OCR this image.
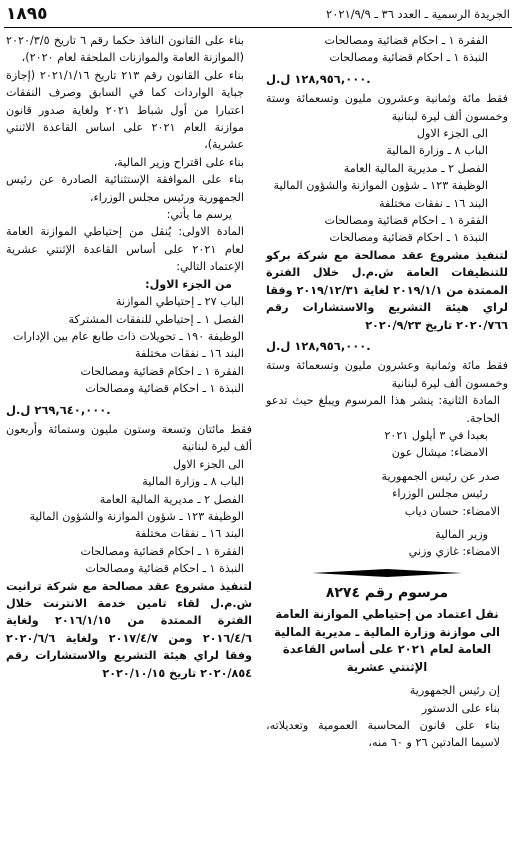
١٨٩٥	الجريدة الرسمية ـ العدد ٣٦ ـ ٢٠٢١/٩/٩

الفقرة ١ ـ احكام قضائية ومصالحات

النبذة ١ ـ احكام قضائية ومصالحات

١٢٨,٩٥٦,٠٠٠ ل.ل.

فقط مائة وثمانية وعشرون مليون وتسعمائة وستة وخمسون ألف ليرة لبنانية

الى الجزء الاول

الباب ٨ ـ وزارة المالية

الفصل ٢ ـ مديرية المالية العامة

الوظيفة ١٢٣ ـ شؤون الموازنة والشؤون المالية

البند ١٦ ـ نفقات مختلفة

الفقرة ١ ـ احكام قضائية ومصالحات

النبذة ١ ـ احكام قضائية ومصالحات

لتنفيذ مشروع عقد مصالحة مع شركة بركو للتنظيفات العامة ش.م.ل خلال الفترة الممتدة من ٢٠١٩/١/١ لغاية ٢٠١٩/١٢/٣١ وفقا لراي هيئة التشريع والاستشارات رقم ٢٠٢٠/٧٦٦ تاريخ ٢٠٢٠/٩/٢٣

١٢٨,٩٥٦,٠٠٠ ل.ل.

فقط مائة وثمانية وعشرون مليون وتسعمائة وستة وخمسون ألف ليرة لبنانية

المادة الثانية: ينشر هذا المرسوم ويبلغ حيث تدعو الحاجة.

بعبدا في ٣ أيلول ٢٠٢١

الامضاء: ميشال عون

صدر عن رئيس الجمهورية

رئيس مجلس الوزراء

الامضاء: حسان دياب

وزير المالية

الامضاء: غازي وزني

مرسوم رقم ٨٢٧٤
نقل اعتماد من إحتياطي الموازنة العامة الى موازنة وزارة المالية ـ مديرية المالية العامة لعام ٢٠٢١ على أساس القاعدة الإثنتي عشرية

إن رئيس الجمهورية

بناء على الدستور

بناء على قانون المحاسبة العمومية وتعديلاته، لاسيما المادتين ٢٦ و ٦٠ منه،

بناء على القانون النافذ حكما رقم ٦ تاريخ ٢٠٢٠/٣/٥ (الموازنة العامة والموازنات الملحقة لعام ٢٠٢٠)،

بناء على القانون رقم ٢١٣ تاريخ ٢٠٢١/١/١٦ (إجازة جباية الواردات كما في السابق وصرف النفقات اعتبارا من أول شباط ٢٠٢١ ولغاية صدور قانون موازنة العام ٢٠٢١ على اساس القاعدة الاثنتي عشرية)،

بناء على اقتراح وزير المالية،

بناء على الموافقة الإستثنائية الصادرة عن رئيس الجمهورية ورئيس مجلس الوزراء،

يرسم ما يأتي:

المادة الاولى: يُنقل من إحتياطي الموازنة العامة لعام ٢٠٢١ على أساس القاعدة الإثنتي عشرية الإعتماد التالي:

من الجزء الاول:

الباب ٢٧ ـ إحتياطي الموازنة

الفصل ١ ـ إحتياطي للنفقات المشتركة

الوظيفة ١٩٠ ـ تحويلات ذات طابع عام بين الإدارات

البند ١٦ ـ نفقات مختلفة

الفقرة ١ ـ احكام قضائية ومصالحات

النبذة ١ ـ احكام قضائية ومصالحات

٢٦٩,٦٤٠,٠٠٠ ل.ل.

فقط مائتان وتسعة وستون مليون وستمائة وأربعون ألف ليرة لبنانية

الى الجزء الاول

الباب ٨ ـ وزارة المالية

الفصل ٢ ـ مديرية المالية العامة

الوظيفة ١٢٣ ـ شؤون الموازنة والشؤون المالية

البند ١٦ ـ نفقات مختلفة

الفقرة ١ ـ احكام قضائية ومصالحات

النبذة ١ ـ احكام قضائية ومصالحات

لتنفيذ مشروع عقد مصالحة مع شركة ترانيت ش.م.ل لقاء تامين خدمة الانترنت خلال الفترة الممتدة من ٢٠١٦/١/١٥ ولغاية ٢٠١٦/٤/٦ ومن ٢٠١٧/٤/٧ ولغاية ٢٠٢٠/٦/٦ وفقا لراي هيئة التشريع والاستشارات رقم ٢٠٢٠/٨٥٤ تاريخ ٢٠٢٠/١٠/١٥
